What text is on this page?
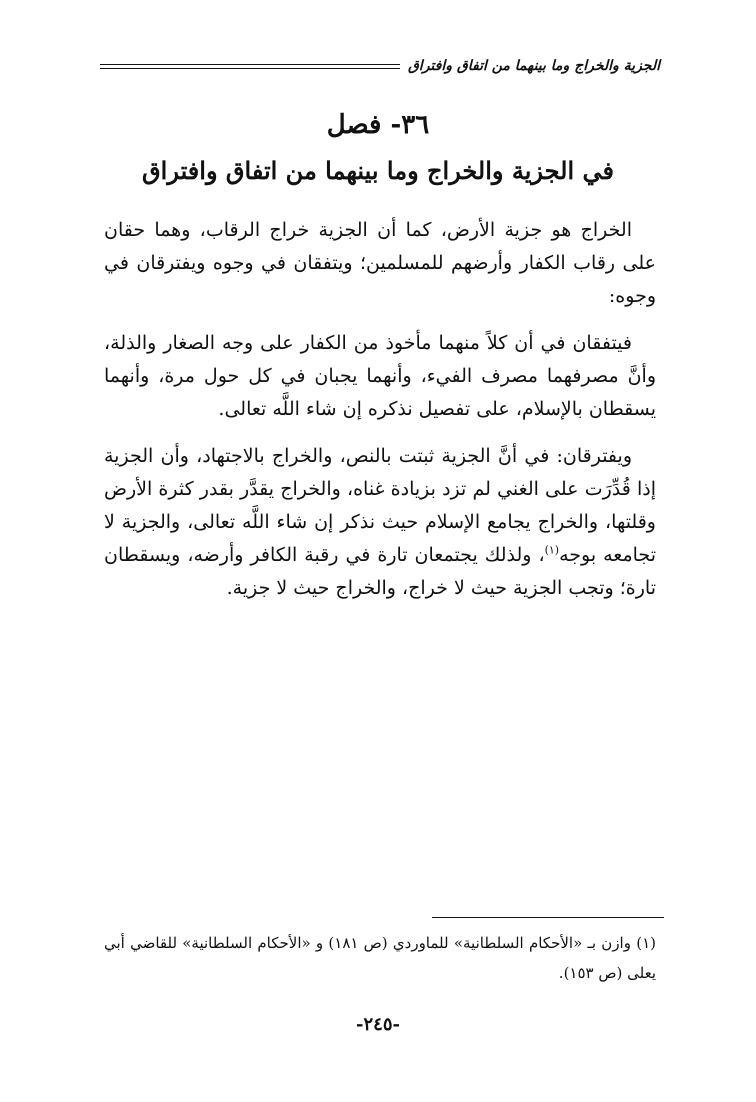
الجزية والخراج وما بينهما من اتفاق وافتراق
٣٦- فصل
في الجزية والخراج وما بينهما من اتفاق وافتراق

الخراج هو جزية الأرض، كما أن الجزية خراج الرقاب، وهما حقان على رقاب الكفار وأرضهم للمسلمين؛ ويتفقان في وجوه ويفترقان في وجوه:

فيتفقان في أن كلاً منهما مأخوذ من الكفار على وجه الصغار والذلة، وأنَّ مصرفهما مصرف الفيء، وأنهما يجبان في كل حول مرة، وأنهما يسقطان بالإسلام، على تفصيل نذكره إن شاء اللَّه تعالى.

ويفترقان: في أنَّ الجزية ثبتت بالنص، والخراج بالاجتهاد، وأن الجزية إذا قُدِّرَت على الغني لم تزد بزيادة غناه، والخراج يقدَّر بقدر كثرة الأرض وقلتها، والخراج يجامع الإسلام حيث نذكر إن شاء اللَّه تعالى، والجزية لا تجامعه بوجه$^{(١)}$، ولذلك يجتمعان تارة في رقبة الكافر وأرضه، ويسقطان تارة؛ وتجب الجزية حيث لا خراج، والخراج حيث لا جزية.

(١) وازن بـ «الأحكام السلطانية» للماوردي (ص ١٨١) و «الأحكام السلطانية» للقاضي أبي يعلى (ص ١٥٣).

-٢٤٥-
